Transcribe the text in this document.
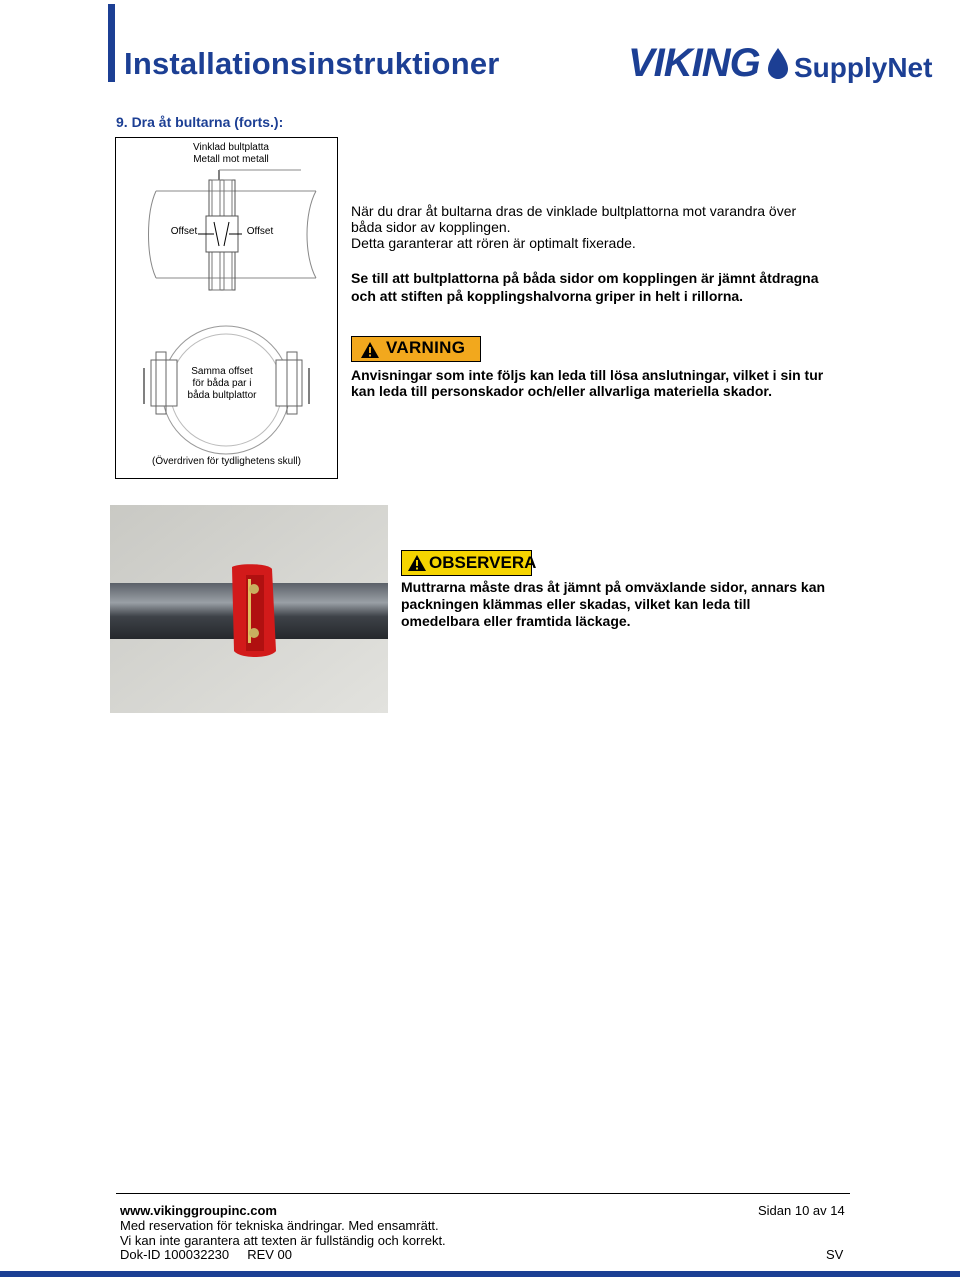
Installationsinstruktioner	VIKING SupplyNet
9. Dra åt bultarna (forts.):
Vinklad bultplatta
Metall mot metall
Offset	Offset
Samma offset
för båda par i
båda bultplattor
(Överdriven för tydlighetens skull)
När du drar åt bultarna dras de vinklade bultplattorna mot varandra över
båda sidor av kopplingen.
Detta garanterar att rören är optimalt fixerade.
Se till att bultplattorna på båda sidor om kopplingen är jämnt åtdragna
och att stiften på kopplingshalvorna griper in helt i rillorna.
VARNING
Anvisningar som inte följs kan leda till lösa anslutningar, vilket i sin tur
kan leda till personskador och/eller allvarliga materiella skador.
OBSERVERA
Muttrarna måste dras åt jämnt på omväxlande sidor, annars kan
packningen klämmas eller skadas, vilket kan leda till
omedelbara eller framtida läckage.
www.vikinggroupinc.com	Sidan 10 av 14
Med reservation för tekniska ändringar. Med ensamrätt.
Vi kan inte garantera att texten är fullständig och korrekt.
Dok-ID 100032230     REV 00	SV
